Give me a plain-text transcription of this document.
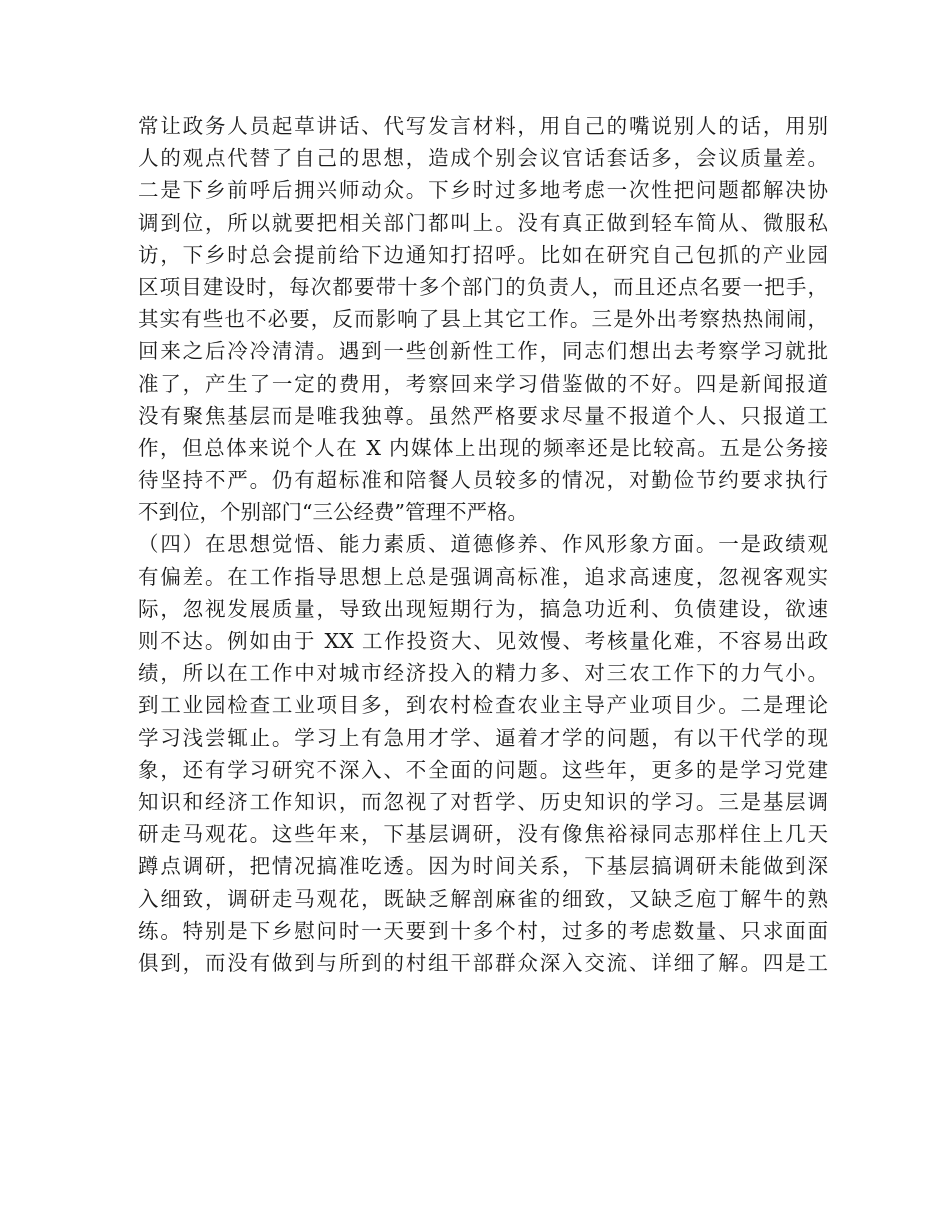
常让政务人员起草讲话、代写发言材料，用自己的嘴说别人的话，用别
人的观点代替了自己的思想，造成个别会议官话套话多，会议质量差。
二是下乡前呼后拥兴师动众。下乡时过多地考虑一次性把问题都解决协
调到位，所以就要把相关部门都叫上。没有真正做到轻车简从、微服私
访，下乡时总会提前给下边通知打招呼。比如在研究自己包抓的产业园
区项目建设时，每次都要带十多个部门的负责人，而且还点名要一把手，
其实有些也不必要，反而影响了县上其它工作。三是外出考察热热闹闹，
回来之后冷冷清清。遇到一些创新性工作，同志们想出去考察学习就批
准了，产生了一定的费用，考察回来学习借鉴做的不好。四是新闻报道
没有聚焦基层而是唯我独尊。虽然严格要求尽量不报道个人、只报道工
作，但总体来说个人在 X 内媒体上出现的频率还是比较高。五是公务接
待坚持不严。仍有超标准和陪餐人员较多的情况，对勤俭节约要求执行
不到位，个别部门“三公经费”管理不严格。
（四）在思想觉悟、能力素质、道德修养、作风形象方面。一是政绩观
有偏差。在工作指导思想上总是强调高标准，追求高速度，忽视客观实
际，忽视发展质量，导致出现短期行为，搞急功近利、负债建设，欲速
则不达。例如由于 XX 工作投资大、见效慢、考核量化难，不容易出政
绩，所以在工作中对城市经济投入的精力多、对三农工作下的力气小。
到工业园检查工业项目多，到农村检查农业主导产业项目少。二是理论
学习浅尝辄止。学习上有急用才学、逼着才学的问题，有以干代学的现
象，还有学习研究不深入、不全面的问题。这些年，更多的是学习党建
知识和经济工作知识，而忽视了对哲学、历史知识的学习。三是基层调
研走马观花。这些年来，下基层调研，没有像焦裕禄同志那样住上几天
蹲点调研，把情况搞准吃透。因为时间关系，下基层搞调研未能做到深
入细致，调研走马观花，既缺乏解剖麻雀的细致，又缺乏庖丁解牛的熟
练。特别是下乡慰问时一天要到十多个村，过多的考虑数量、只求面面
俱到，而没有做到与所到的村组干部群众深入交流、详细了解。四是工
